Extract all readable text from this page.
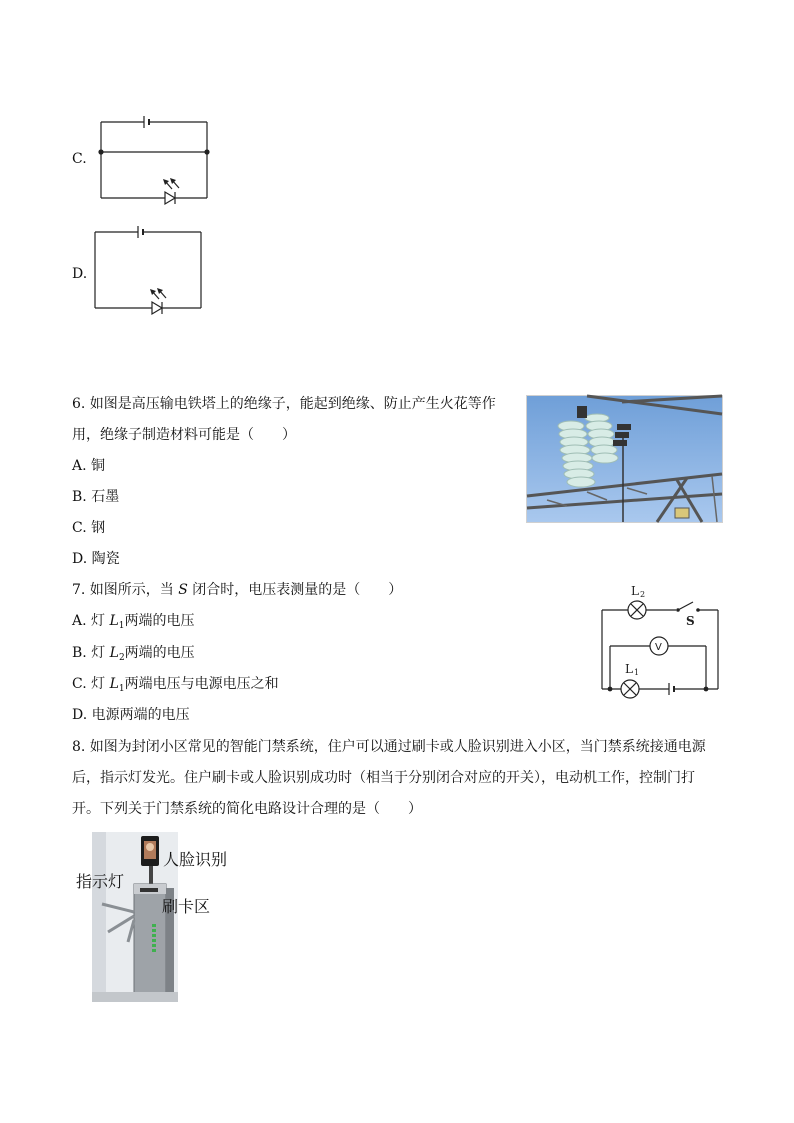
C.
D.
6. 如图是高压输电铁塔上的绝缘子，能起到绝缘、防止产生火花等作
用，绝缘子制造材料可能是（　　）
A. 铜
B. 石墨
C. 钢
D. 陶瓷
7. 如图所示，当 S 闭合时，电压表测量的是（　　）
A. 灯 $L_1$两端的电压
B. 灯 $L_2$两端的电压
C. 灯 $L_1$两端电压与电源电压之和
D. 电源两端的电压
L 2
S
V
L 1
8. 如图为封闭小区常见的智能门禁系统，住户可以通过刷卡或人脸识别进入小区，当门禁系统接通电源
后，指示灯发光。住户刷卡或人脸识别成功时（相当于分别闭合对应的开关），电动机工作，控制门打
开。下列关于门禁系统的简化电路设计合理的是（　　）
人脸识别
指示灯
刷卡区
